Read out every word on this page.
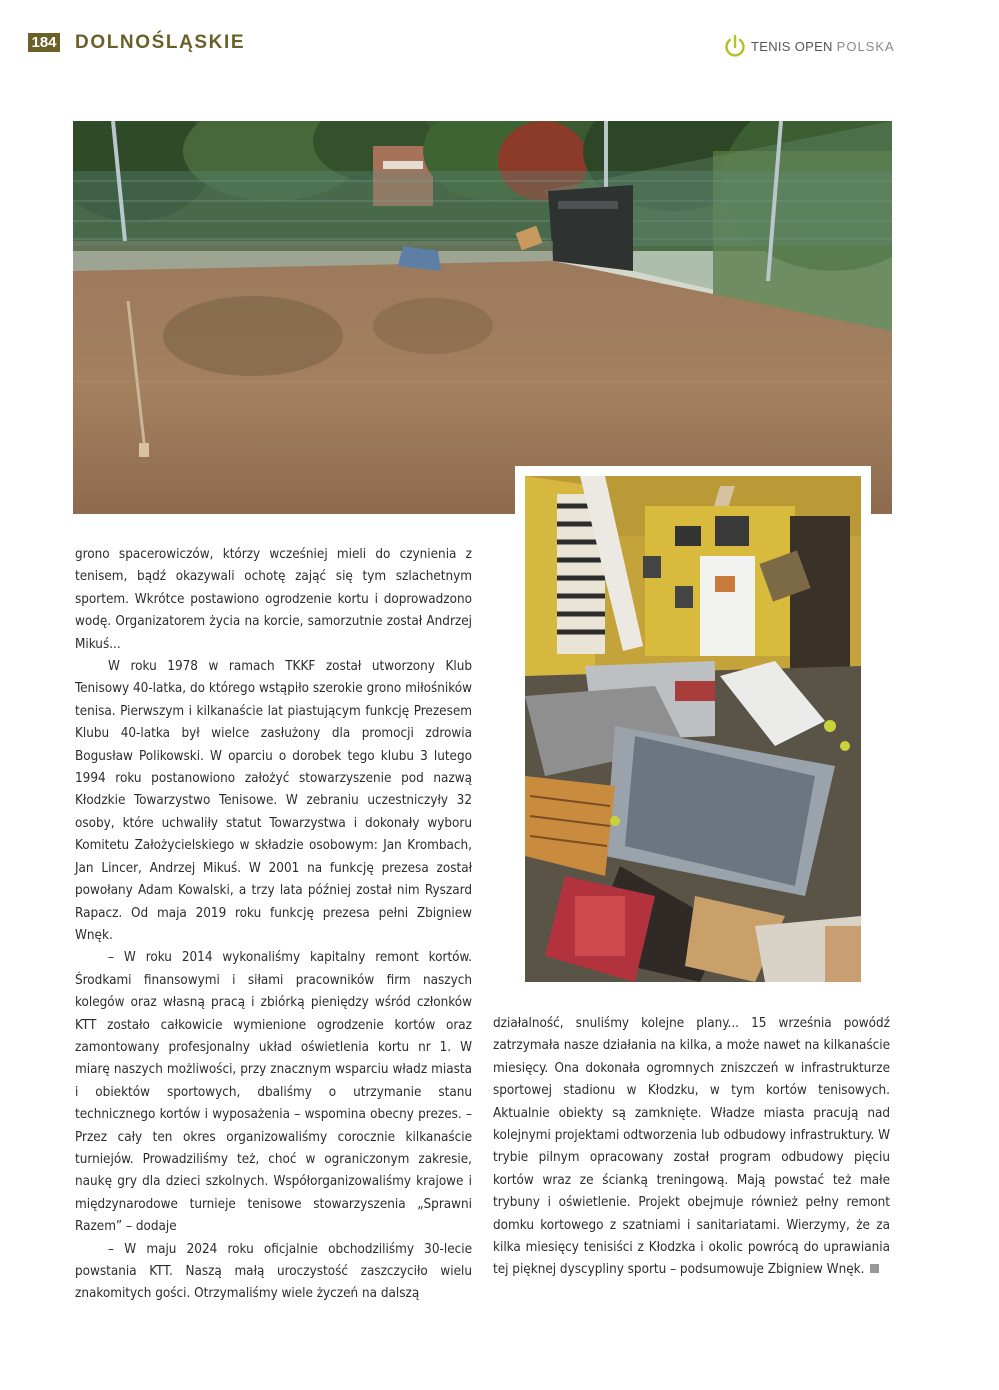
184 DOLNOŚLĄSKIE	TENIS OPEN POLSKA

grono spacerowiczów, którzy wcześniej mieli do czynienia z tenisem, bądź okazywali ochotę zająć się tym szlachetnym sportem. Wkrótce postawiono ogrodzenie kortu i doprowadzono wodę. Organizatorem życia na korcie, samorzutnie został Andrzej Mikuś...

W roku 1978 w ramach TKKF został utworzony Klub Tenisowy 40-latka, do którego wstąpiło szerokie grono miłośników tenisa. Pierwszym i kilkanaście lat piastującym funkcję Prezesem Klubu 40-latka był wielce zasłużony dla promocji zdrowia Bogusław Polikowski. W oparciu o dorobek tego klubu 3 lutego 1994 roku postanowiono założyć stowarzyszenie pod nazwą Kłodzkie Towarzystwo Tenisowe. W zebraniu uczestniczyły 32 osoby, które uchwaliły statut Towarzystwa i dokonały wyboru Komitetu Założycielskiego w składzie osobowym: Jan Krombach, Jan Lincer, Andrzej Mikuś. W 2001 na funkcję prezesa został powołany Adam Kowalski, a trzy lata później został nim Ryszard Rapacz. Od maja 2019 roku funkcję prezesa pełni Zbigniew Wnęk.

– W roku 2014 wykonaliśmy kapitalny remont kortów. Środkami finansowymi i siłami pracowników firm naszych kolegów oraz własną pracą i zbiórką pieniędzy wśród członków KTT zostało całkowicie wymienione ogrodzenie kortów oraz zamontowany profesjonalny układ oświetlenia kortu nr 1. W miarę naszych możliwości, przy znacznym wsparciu władz miasta i obiektów sportowych, dbaliśmy o utrzymanie stanu technicznego kortów i wyposażenia – wspomina obecny prezes. – Przez cały ten okres organizowaliśmy corocznie kilkanaście turniejów. Prowadziliśmy też, choć w ograniczonym zakresie, naukę gry dla dzieci szkolnych. Współorganizowaliśmy krajowe i międzynarodowe turnieje tenisowe stowarzyszenia „Sprawni Razem” – dodaje

– W maju 2024 roku oficjalnie obchodziliśmy 30-lecie powstania KTT. Naszą małą uroczystość zaszczyciło wielu znakomitych gości. Otrzymaliśmy wiele życzeń na dalszą

działalność, snuliśmy kolejne plany... 15 września powódź zatrzymała nasze działania na kilka, a może nawet na kilkanaście miesięcy. Ona dokonała ogromnych zniszczeń w infrastrukturze sportowej stadionu w Kłodzku, w tym kortów tenisowych. Aktualnie obiekty są zamknięte. Władze miasta pracują nad kolejnymi projektami odtworzenia lub odbudowy infrastruktury. W trybie pilnym opracowany został program odbudowy pięciu kortów wraz ze ścianką treningową. Mają powstać też małe trybuny i oświetlenie. Projekt obejmuje również pełny remont domku kortowego z szatniami i sanitariatami. Wierzymy, że za kilka miesięcy tenisiści z Kłodzka i okolic powrócą do uprawiania tej pięknej dyscypliny sportu – podsumowuje Zbigniew Wnęk.
